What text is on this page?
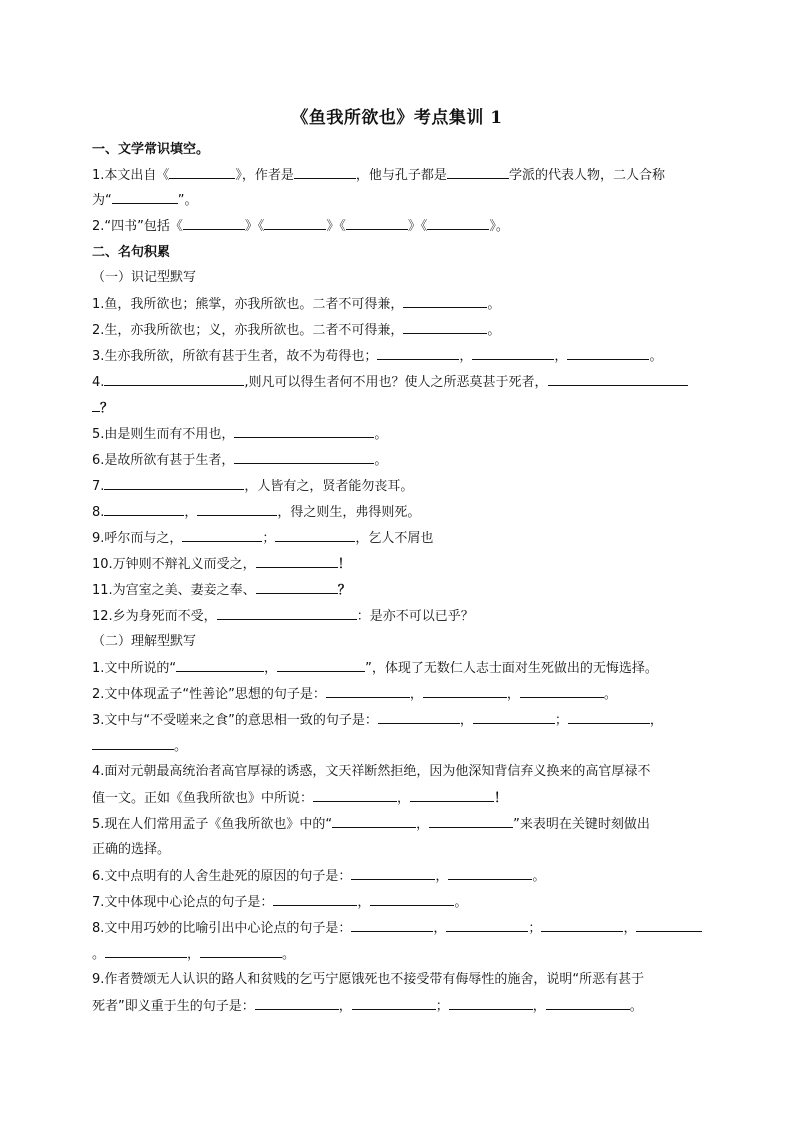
《鱼我所欲也》考点集训 1
一、文学常识填空。
1.本文出自《	》，作者是	，他与孔子都是	学派的代表人物，二人合称
为“	”。
2.“四书”包括《	》《	》《	》《	》。
二、名句积累
（一）识记型默写
1.鱼，我所欲也；熊掌，亦我所欲也。二者不可得兼，	。
2.生，亦我所欲也；义，亦我所欲也。二者不可得兼，	。
3.生亦我所欲，所欲有甚于生者，故不为苟得也；	，	，	。
4.	,则凡可以得生者何不用也？使人之所恶莫甚于死者，
？
5.由是则生而有不用也，	。
6.是故所欲有甚于生者，	。
7.	，人皆有之，贤者能勿丧耳。
8.	，	，得之则生，弗得则死。
9.呼尔而与之，	；	，乞人不屑也
10.万钟则不辩礼义而受之，	！
11.为宫室之美、妻妾之奉、	？
12.乡为身死而不受，	：是亦不可以已乎？
（二）理解型默写
1.文中所说的“	，	”，体现了无数仁人志士面对生死做出的无悔选择。
2.文中体现孟子“性善论”思想的句子是：	，	，	。
3.文中与“不受嗟来之食”的意思相一致的句子是：	，	；	，
。
4.面对元朝最高统治者高官厚禄的诱惑，文天祥断然拒绝，因为他深知背信弃义换来的高官厚禄不
值一文。正如《鱼我所欲也》中所说：	，	！
5.现在人们常用孟子《鱼我所欲也》中的“	，	”来表明在关键时刻做出
正确的选择。
6.文中点明有的人舍生赴死的原因的句子是：	，	。
7.文中体现中心论点的句子是：	，	。
8.文中用巧妙的比喻引出中心论点的句子是：	，	；	，
。	，	。
9.作者赞颂无人认识的路人和贫贱的乞丐宁愿饿死也不接受带有侮辱性的施舍，说明“所恶有甚于
死者”即义重于生的句子是：	，	；	，	。
